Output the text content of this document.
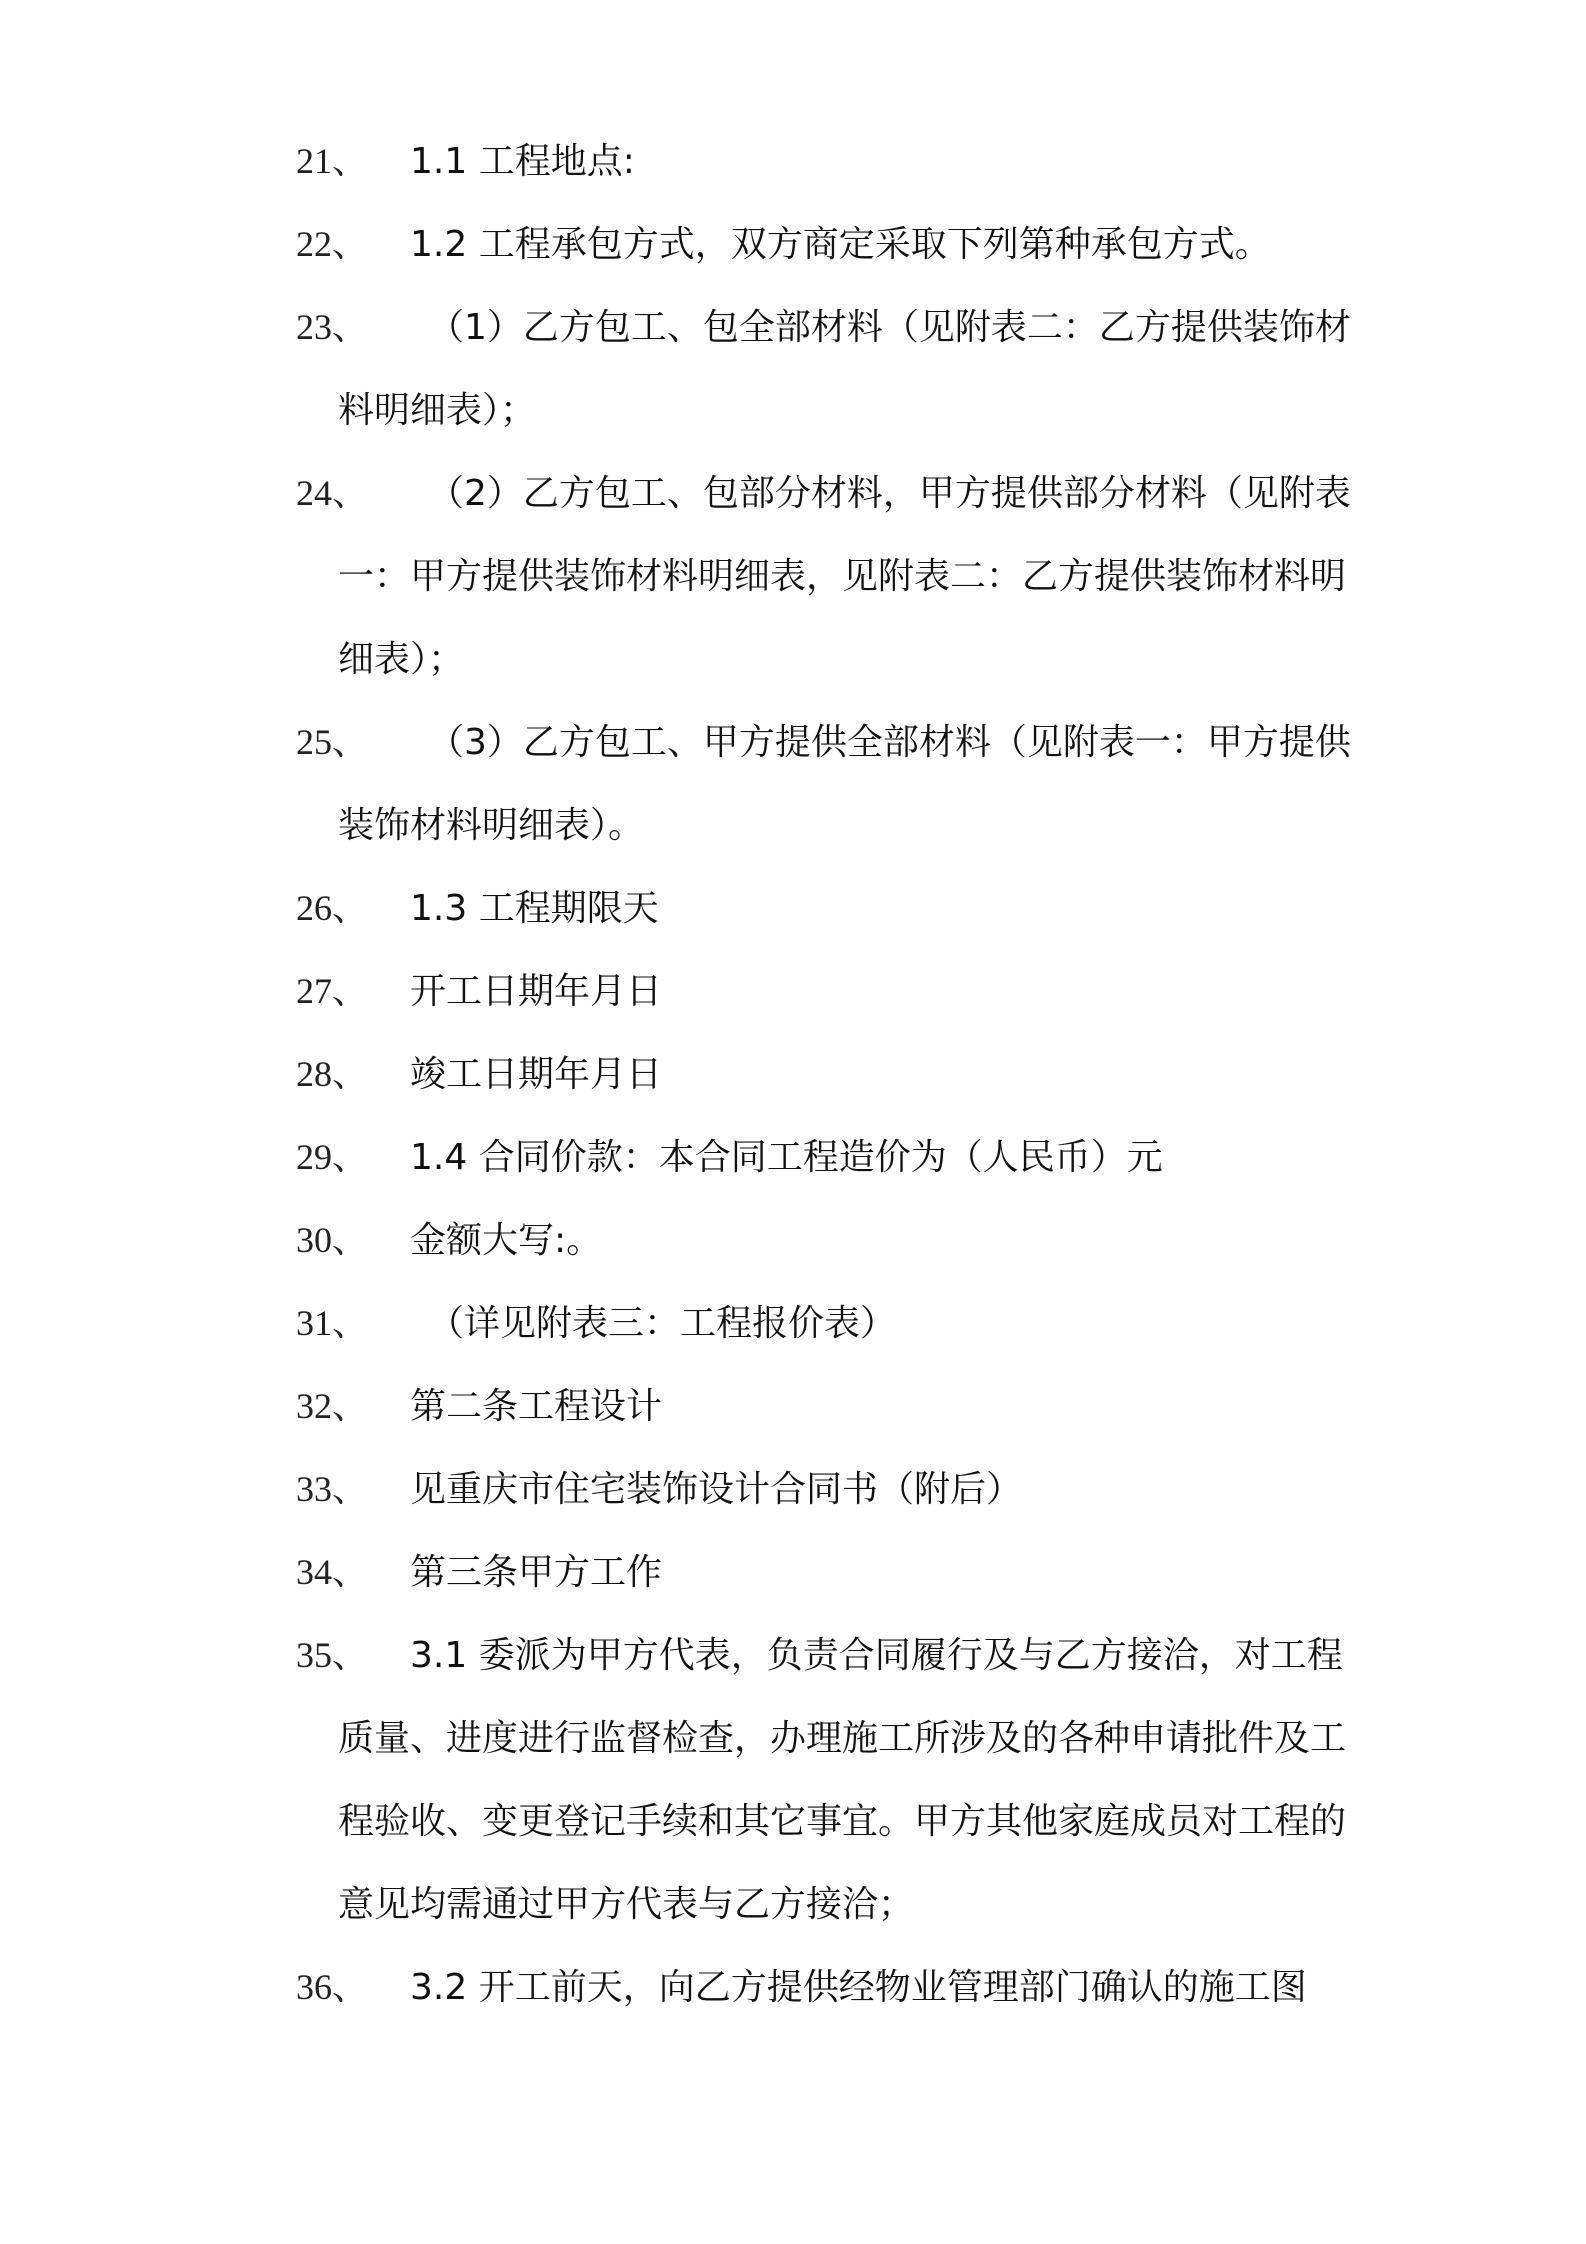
21、	1.1 工程地点:
22、	1.2 工程承包方式，双方商定采取下列第种承包方式。
23、	（1）乙方包工、包全部材料（见附表二：乙方提供装饰材料明细表）；
24、	（2）乙方包工、包部分材料，甲方提供部分材料（见附表一：甲方提供装饰材料明细表，见附表二：乙方提供装饰材料明细表）；
25、	（3）乙方包工、甲方提供全部材料（见附表一：甲方提供装饰材料明细表）。
26、	1.3 工程期限天
27、	开工日期年月日
28、	竣工日期年月日
29、	1.4 合同价款：本合同工程造价为（人民币）元
30、	金额大写:。
31、	（详见附表三：工程报价表）
32、	第二条工程设计
33、	见重庆市住宅装饰设计合同书（附后）
34、	第三条甲方工作
35、	3.1 委派为甲方代表，负责合同履行及与乙方接洽，对工程质量、进度进行监督检查，办理施工所涉及的各种申请批件及工程验收、变更登记手续和其它事宜。甲方其他家庭成员对工程的意见均需通过甲方代表与乙方接洽；
36、	3.2 开工前天，向乙方提供经物业管理部门确认的施工图
